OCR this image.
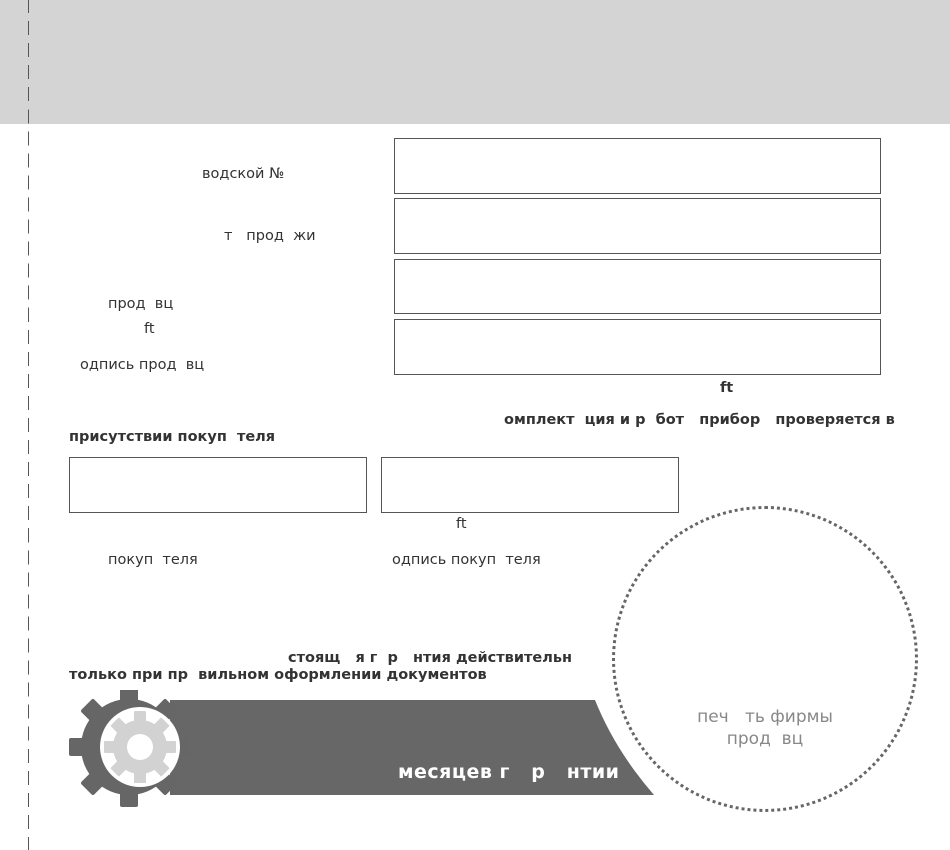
водской №
т   прод  жи
прод  вц
ft
одпись прод  вц
ft
омплект  ция и р  бот   прибор   проверяется в
присутствии покуп  теля
ft
покуп  теля	одпись покуп  теля
стоящ   я г  р   нтия действительн
только при пр  вильном оформлении документов
месяцев г   р   нтии
печ   ть фирмы
прод  вц
